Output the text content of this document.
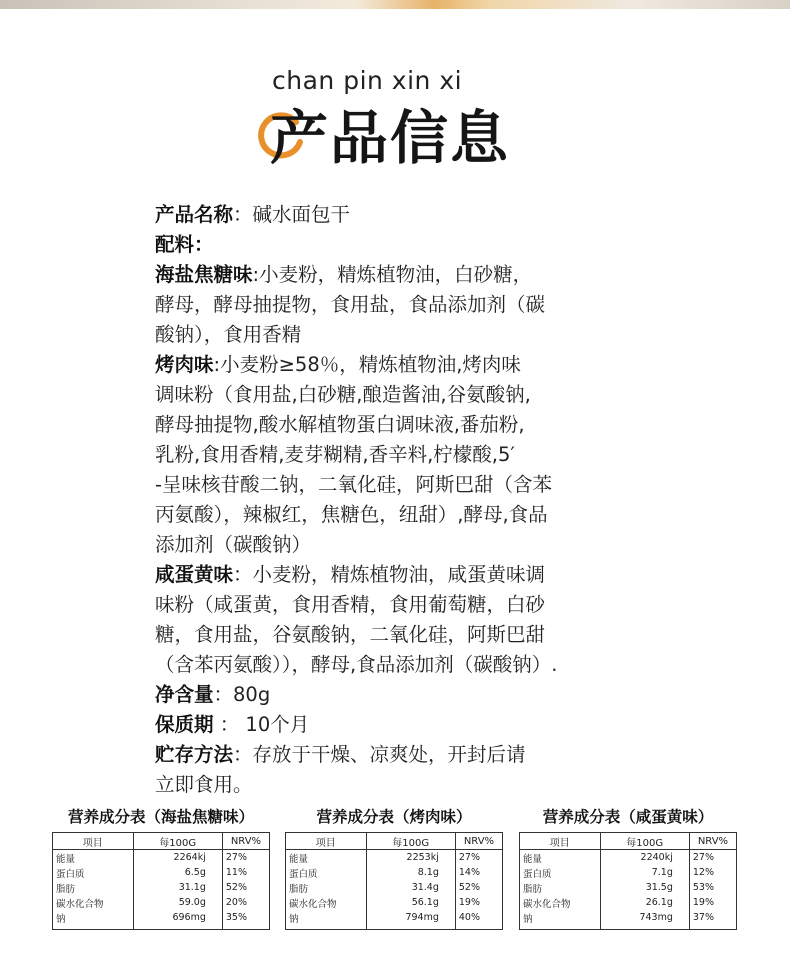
chan pin xin xi
产品信息
产品名称：碱水面包干
配料：
海盐焦糖味:小麦粉，精炼植物油，白砂糖，
酵母，酵母抽提物，食用盐，食品添加剂（碳
酸钠），食用香精
烤肉味:小麦粉≥58％，精炼植物油,烤肉味
调味粉（食用盐,白砂糖,酿造酱油,谷氨酸钠,
酵母抽提物,酸水解植物蛋白调味液,番茄粉,
乳粉,食用香精,麦芽糊精,香辛料,柠檬酸,5′
-呈味核苷酸二钠，二氧化硅，阿斯巴甜（含苯
丙氨酸），辣椒红，焦糖色，纽甜）,酵母,食品
添加剂（碳酸钠）
咸蛋黄味：小麦粉，精炼植物油，咸蛋黄味调
味粉（咸蛋黄，食用香精，食用葡萄糖，白砂
糖，食用盐，谷氨酸钠，二氧化硅，阿斯巴甜
（含苯丙氨酸）），酵母,食品添加剂（碳酸钠）.
净含量：80g
保质期 ： 10个月
贮存方法：存放于干燥、凉爽处，开封后请
立即食用。
营养成分表（海盐焦糖味）
项目	每100G	NRV%
能量	2264kj	27%
蛋白质	6.5g	11%
脂肪	31.1g	52%
碳水化合物	59.0g	20%
钠	696mg	35%
营养成分表（烤肉味）
项目	每100G	NRV%
能量	2253kj	27%
蛋白质	8.1g	14%
脂肪	31.4g	52%
碳水化合物	56.1g	19%
钠	794mg	40%
营养成分表（咸蛋黄味）
项目	每100G	NRV%
能量	2240kj	27%
蛋白质	7.1g	12%
脂肪	31.5g	53%
碳水化合物	26.1g	19%
钠	743mg	37%
